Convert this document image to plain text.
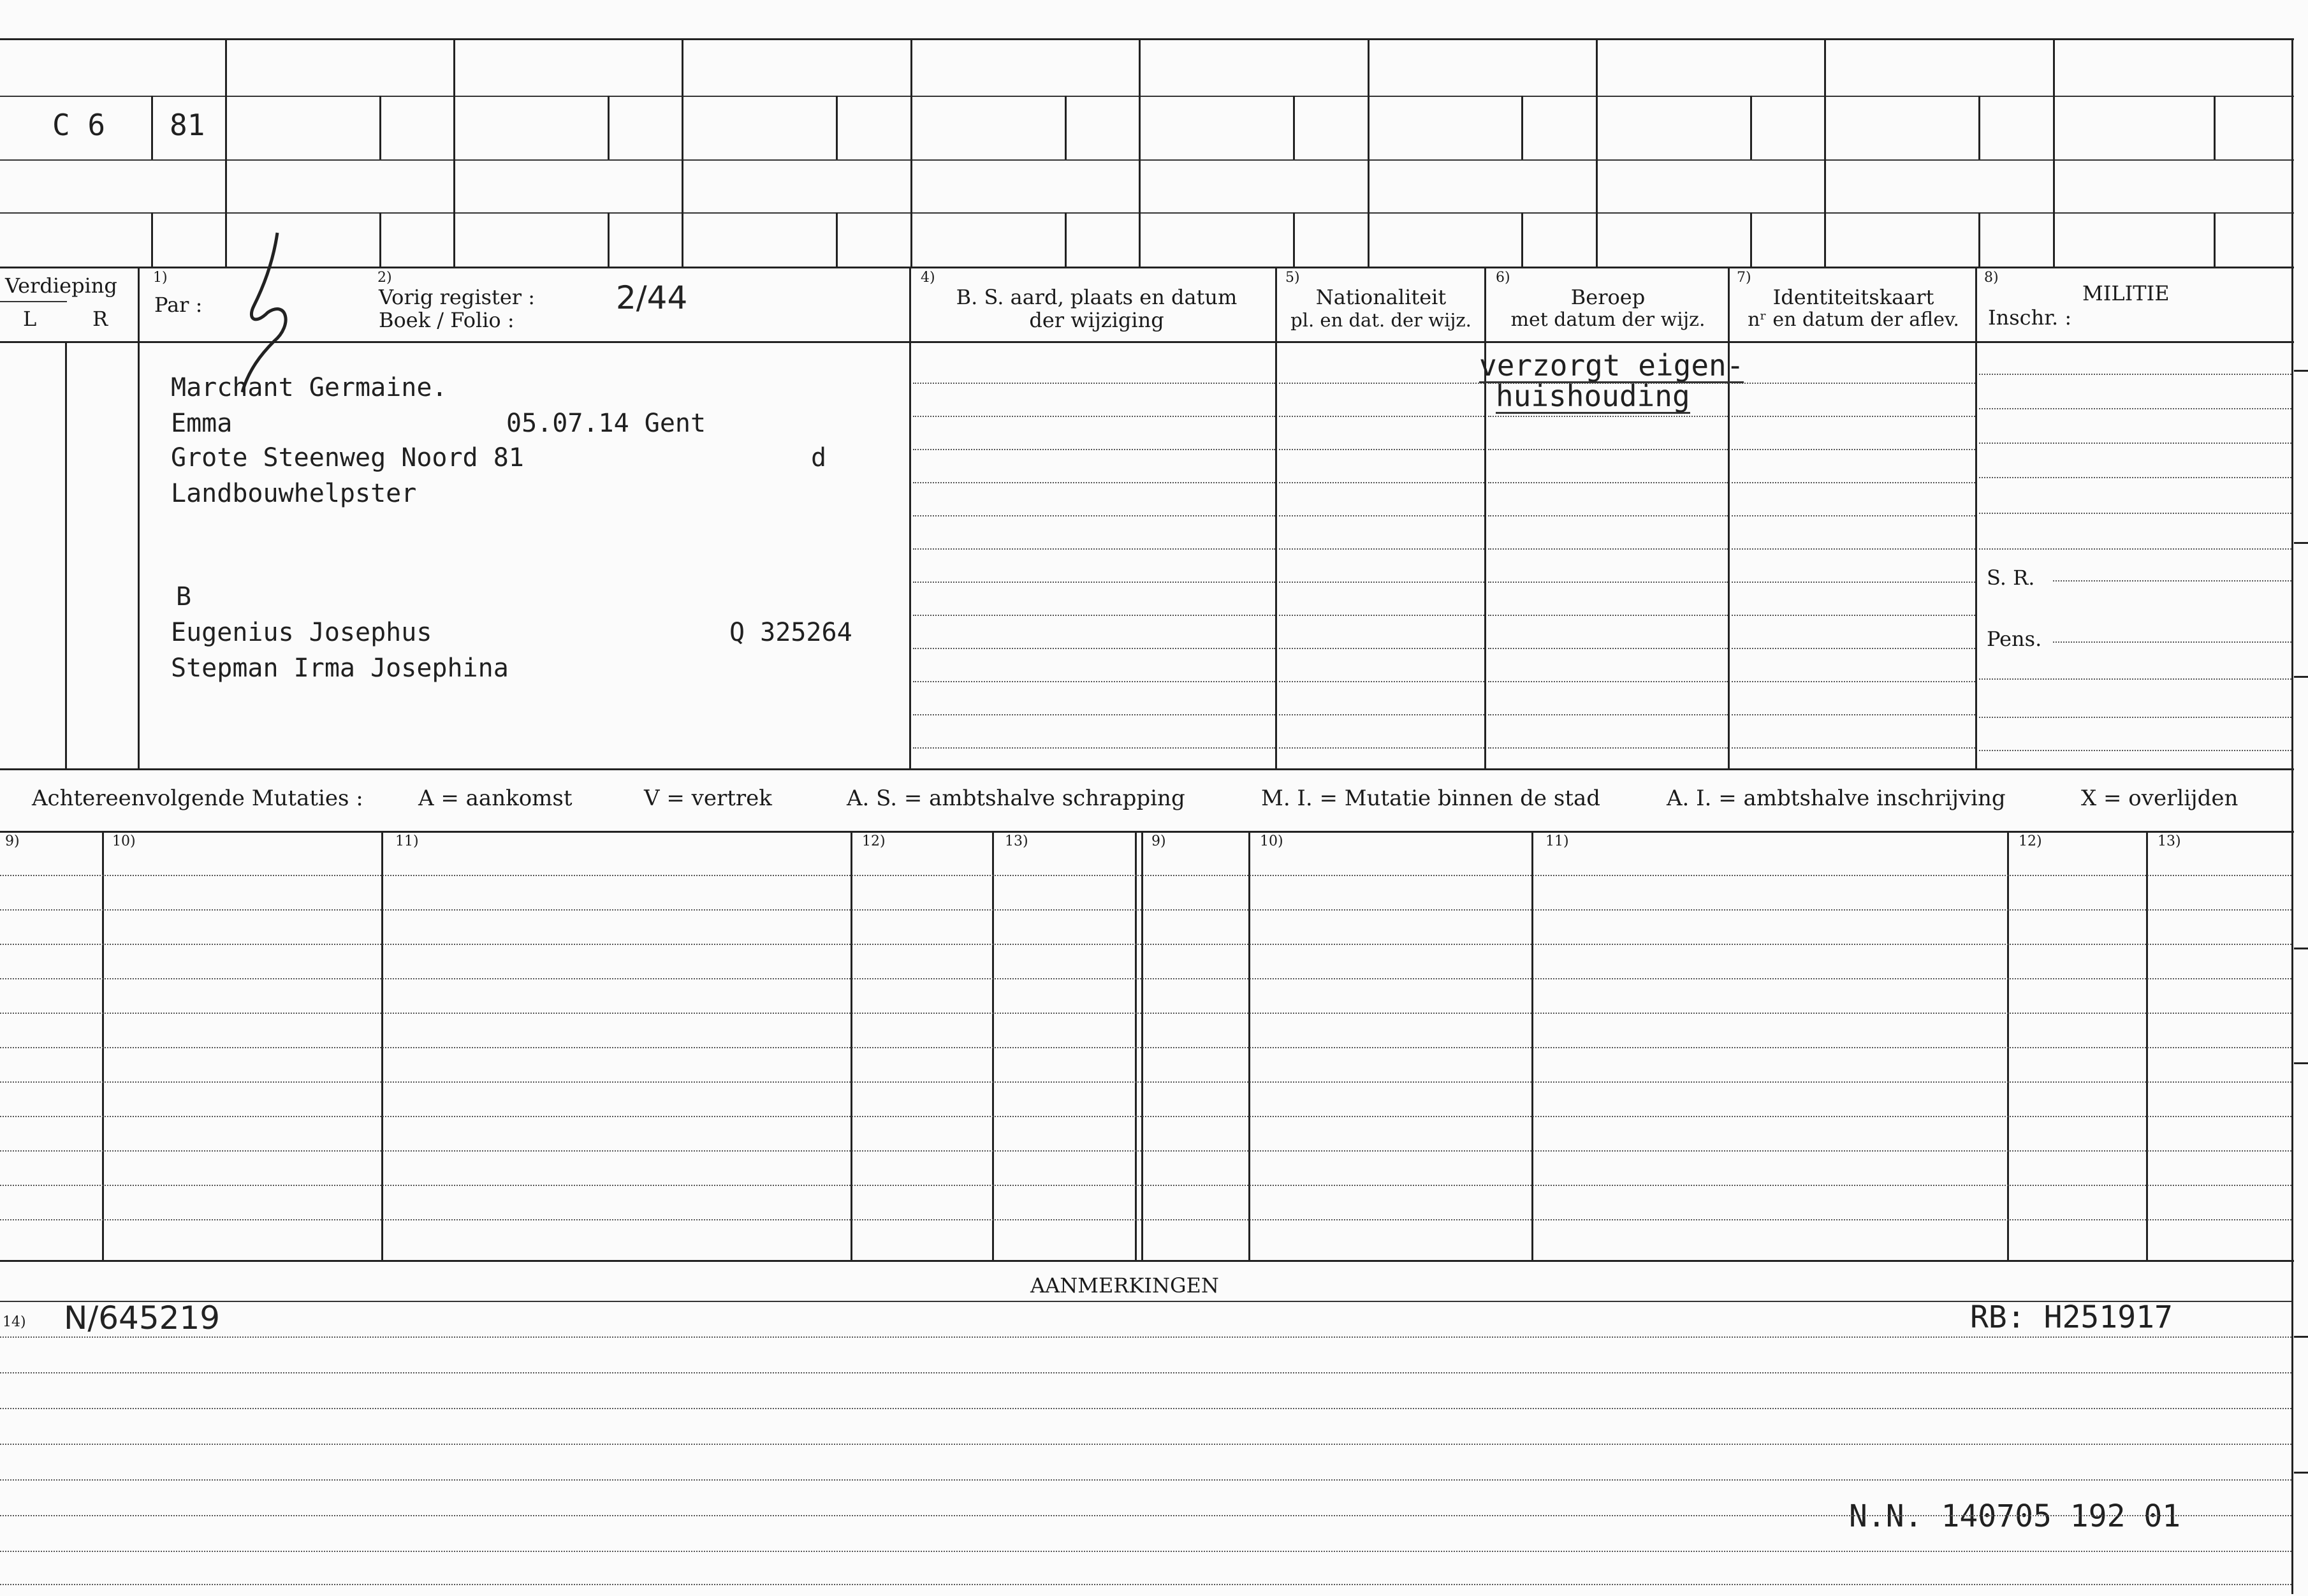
C 6 81
Verdieping
L	R
1)
Par :
2)
Vorig register :
Boek / Folio :
2/44
4)
B. S. aard, plaats en datum
der wijziging
5)
Nationaliteit
pl. en dat. der wijz.
6)
Beroep
met datum der wijz.
7)
Identiteitskaart
nʳ en datum der aflev.
8)
MILITIE
Inschr. :
S. R.
Pens.
Marchant Germaine.
Emma	05.07.14 Gent
Grote Steenweg Noord 81	d
Landbouwhelpster
B
Eugenius Josephus	Q 325264
Stepman Irma Josephina
verzorgt eigen-
huishouding
Achtereenvolgende Mutaties :	A = aankomst	V = vertrek	A. S. = ambtshalve schrapping	M. I. = Mutatie binnen de stad	A. I. = ambtshalve inschrijving	X = overlijden
9)	10)	11)	12)	13)	9)	10)	11)	12)	13)
AANMERKINGEN
14) N/645219	RB: H251917
N.N. 140705 192 01
